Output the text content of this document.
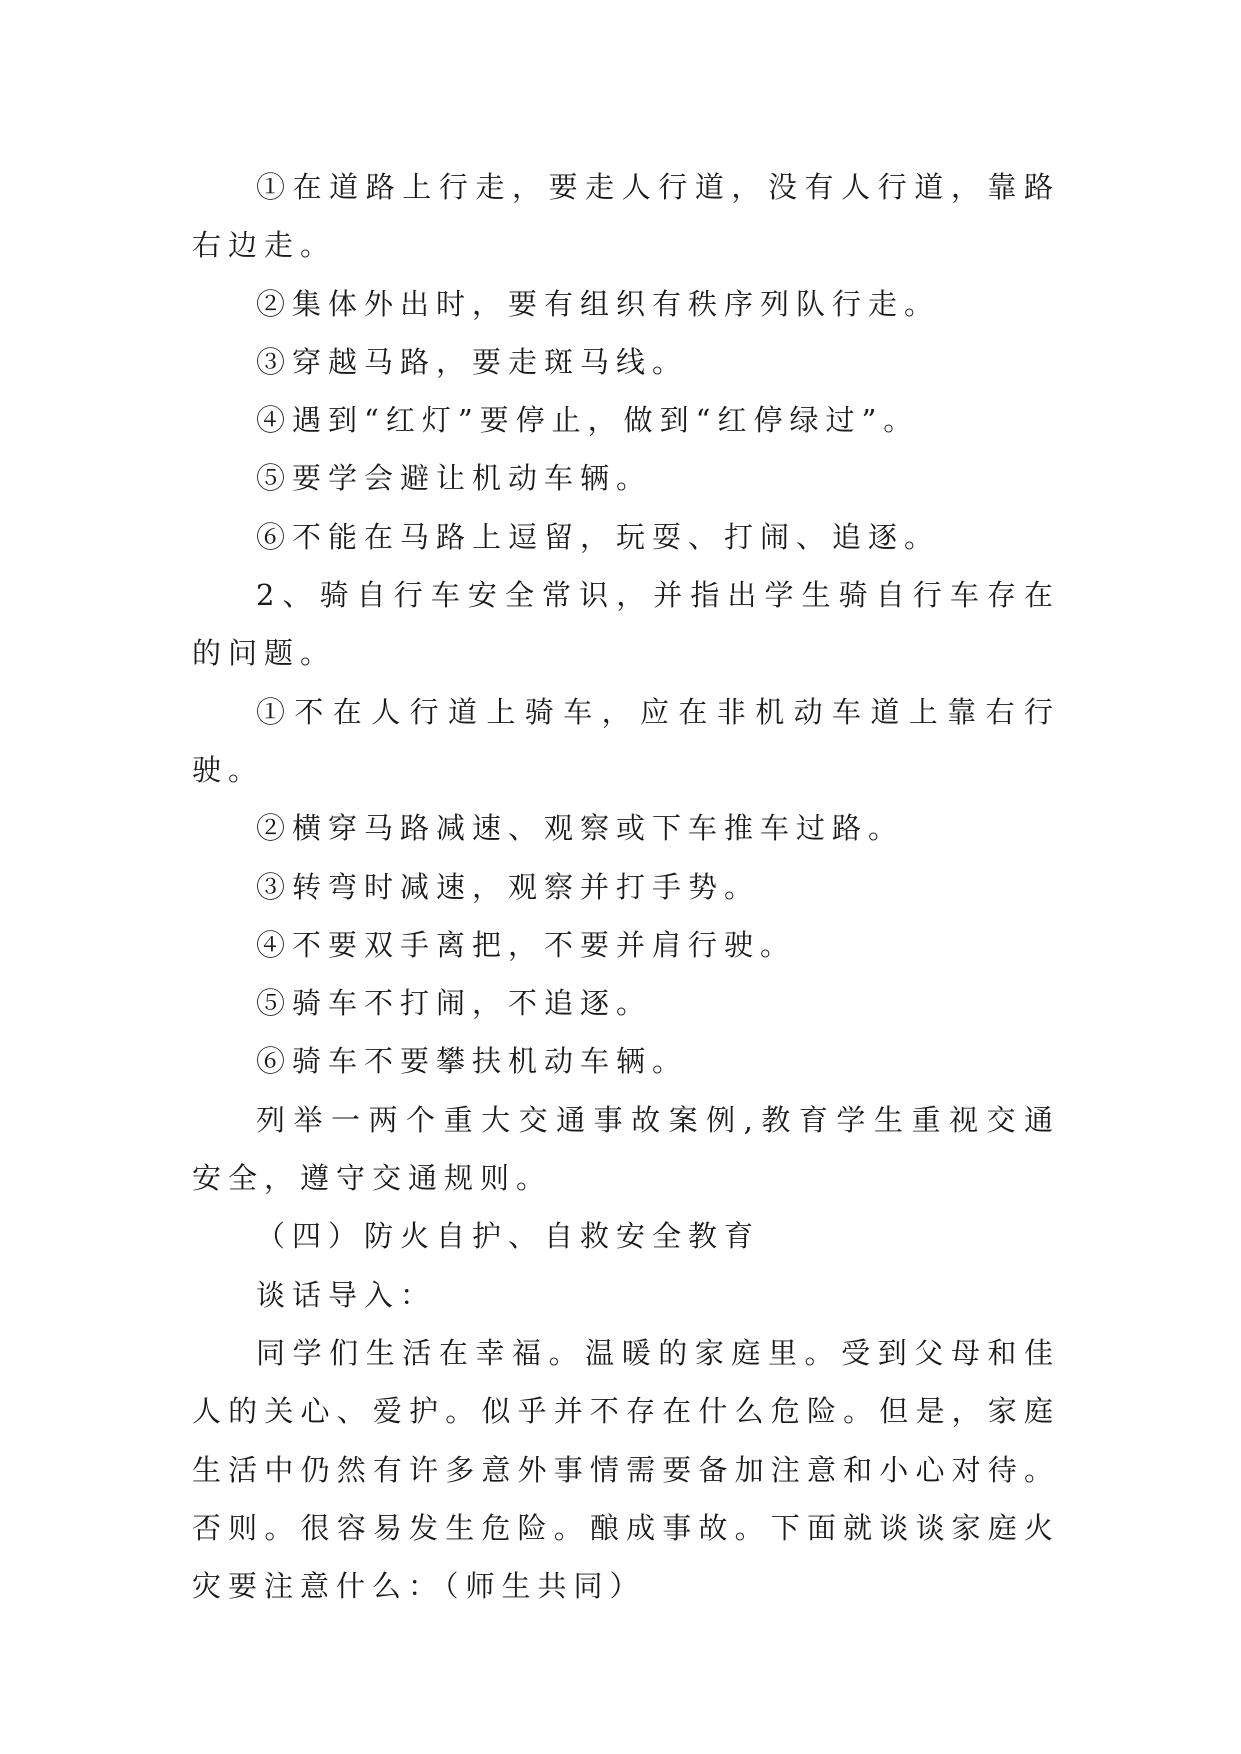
①在道路上行走，要走人行道，没有人行道，靠路右边走。

②集体外出时，要有组织有秩序列队行走。

③穿越马路，要走斑马线。

④遇到“红灯”要停止，做到“红停绿过”。

⑤要学会避让机动车辆。

⑥不能在马路上逗留，玩耍、打闹、追逐。

2、骑自行车安全常识，并指出学生骑自行车存在的问题。

①不在人行道上骑车，应在非机动车道上靠右行驶。

②横穿马路减速、观察或下车推车过路。

③转弯时减速，观察并打手势。

④不要双手离把，不要并肩行驶。

⑤骑车不打闹，不追逐。

⑥骑车不要攀扶机动车辆。

列举一两个重大交通事故案例,教育学生重视交通安全，遵守交通规则。

（四）防火自护、自救安全教育

谈话导入：

同学们生活在幸福。温暖的家庭里。受到父母和佳人的关心、爱护。似乎并不存在什么危险。但是，家庭生活中仍然有许多意外事情需要备加注意和小心对待。否则。很容易发生危险。酿成事故。下面就谈谈家庭火灾要注意什么：（师生共同）
